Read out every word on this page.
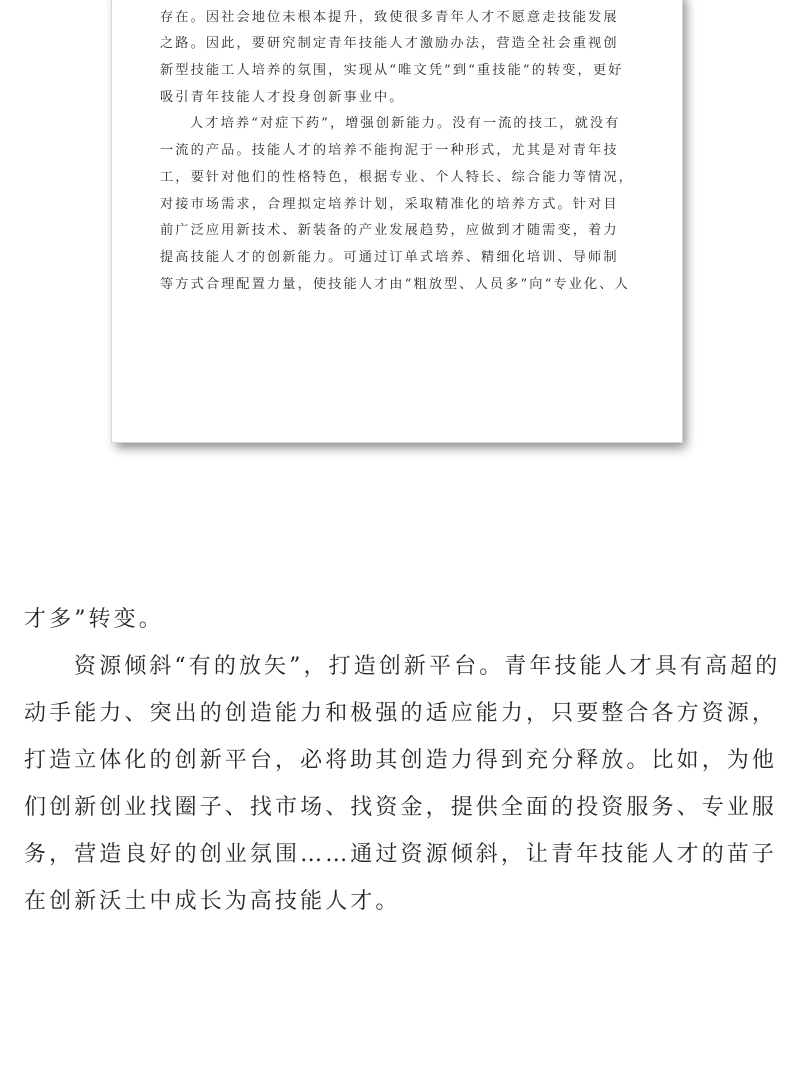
存在。因社会地位未根本提升，致使很多青年人才不愿意走技能发展
之路。因此，要研究制定青年技能人才激励办法，营造全社会重视创
新型技能工人培养的氛围，实现从“唯文凭”到“重技能”的转变，更好
吸引青年技能人才投身创新事业中。
人才培养“对症下药”，增强创新能力。没有一流的技工，就没有
一流的产品。技能人才的培养不能拘泥于一种形式，尤其是对青年技
工，要针对他们的性格特色，根据专业、个人特长、综合能力等情况，
对接市场需求，合理拟定培养计划，采取精准化的培养方式。针对目
前广泛应用新技术、新装备的产业发展趋势，应做到才随需变，着力
提高技能人才的创新能力。可通过订单式培养、精细化培训、导师制
等方式合理配置力量，使技能人才由“粗放型、人员多”向“专业化、人
才多”转变。
资源倾斜“有的放矢”，打造创新平台。青年技能人才具有高超的
动手能力、突出的创造能力和极强的适应能力，只要整合各方资源，
打造立体化的创新平台，必将助其创造力得到充分释放。比如，为他
们创新创业找圈子、找市场、找资金，提供全面的投资服务、专业服
务，营造良好的创业氛围……通过资源倾斜，让青年技能人才的苗子
在创新沃土中成长为高技能人才。
